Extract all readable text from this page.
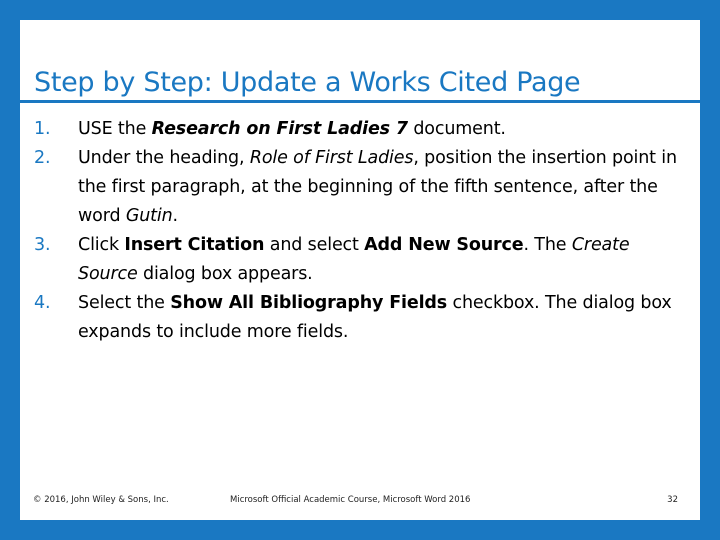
Step by Step: Update a Works Cited Page
1. USE the Research on First Ladies 7 document.
2. Under the heading, Role of First Ladies, position the insertion point in the first paragraph, at the beginning of the fifth sentence, after the word Gutin.
3. Click Insert Citation and select Add New Source. The Create Source dialog box appears.
4. Select the Show All Bibliography Fields checkbox. The dialog box expands to include more fields.
© 2016, John Wiley & Sons, Inc.	Microsoft Official Academic Course, Microsoft Word 2016	32
